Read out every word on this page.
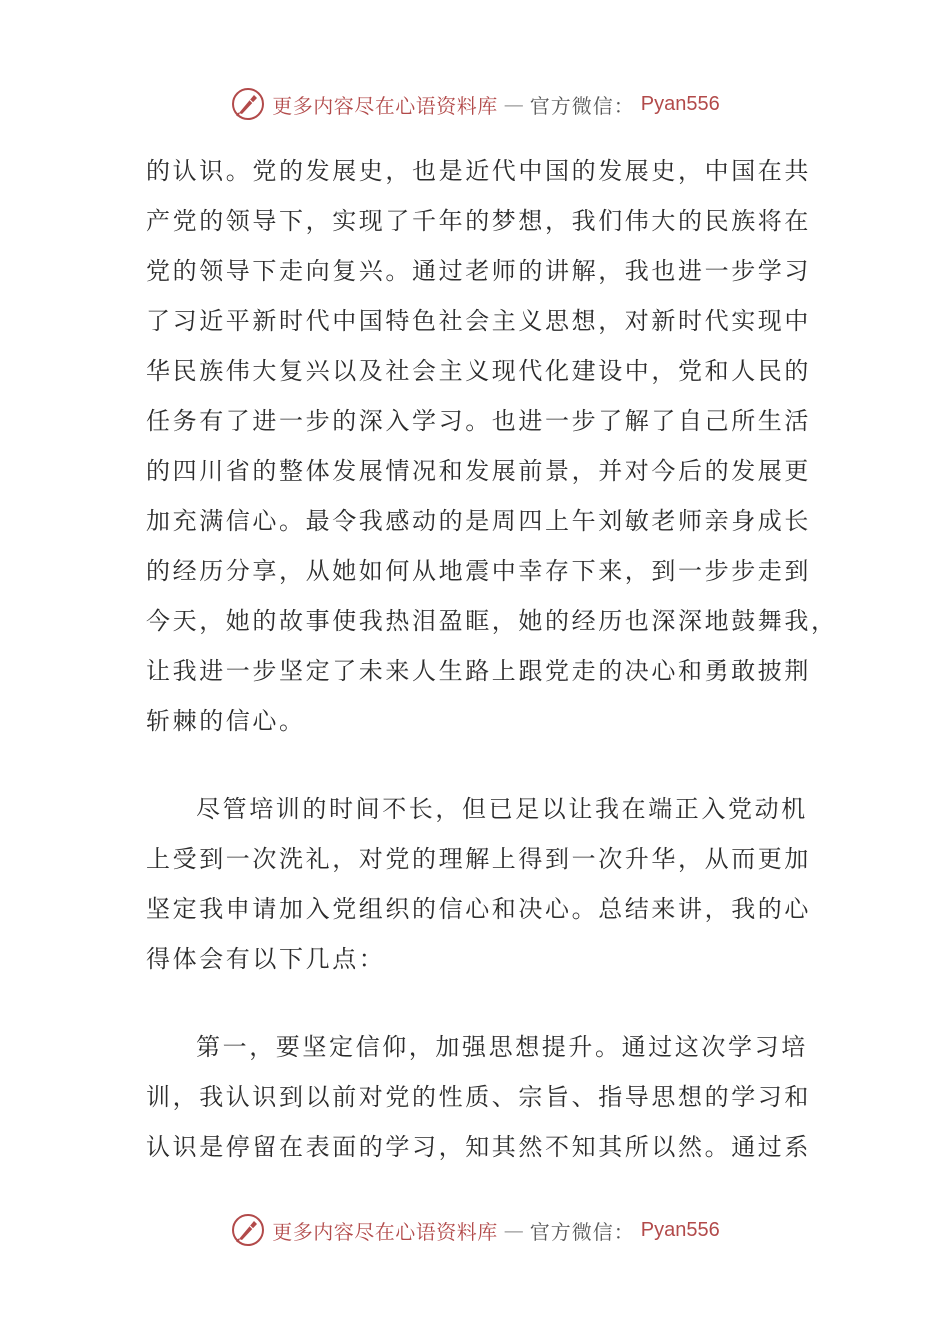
更多内容尽在心语资料库 — 官方微信： Pyan556
的认识。党的发展史，也是近代中国的发展史，中国在共
产党的领导下，实现了千年的梦想，我们伟大的民族将在
党的领导下走向复兴。通过老师的讲解，我也进一步学习
了习近平新时代中国特色社会主义思想，对新时代实现中
华民族伟大复兴以及社会主义现代化建设中，党和人民的
任务有了进一步的深入学习。也进一步了解了自己所生活
的四川省的整体发展情况和发展前景，并对今后的发展更
加充满信心。最令我感动的是周四上午刘敏老师亲身成长
的经历分享，从她如何从地震中幸存下来，到一步步走到
今天，她的故事使我热泪盈眶，她的经历也深深地鼓舞我，
让我进一步坚定了未来人生路上跟党走的决心和勇敢披荆
斩棘的信心。
尽管培训的时间不长，但已足以让我在端正入党动机
上受到一次洗礼，对党的理解上得到一次升华，从而更加
坚定我申请加入党组织的信心和决心。总结来讲，我的心
得体会有以下几点：
第一，要坚定信仰，加强思想提升。通过这次学习培
训，我认识到以前对党的性质、宗旨、指导思想的学习和
认识是停留在表面的学习，知其然不知其所以然。通过系
更多内容尽在心语资料库 — 官方微信： Pyan556
